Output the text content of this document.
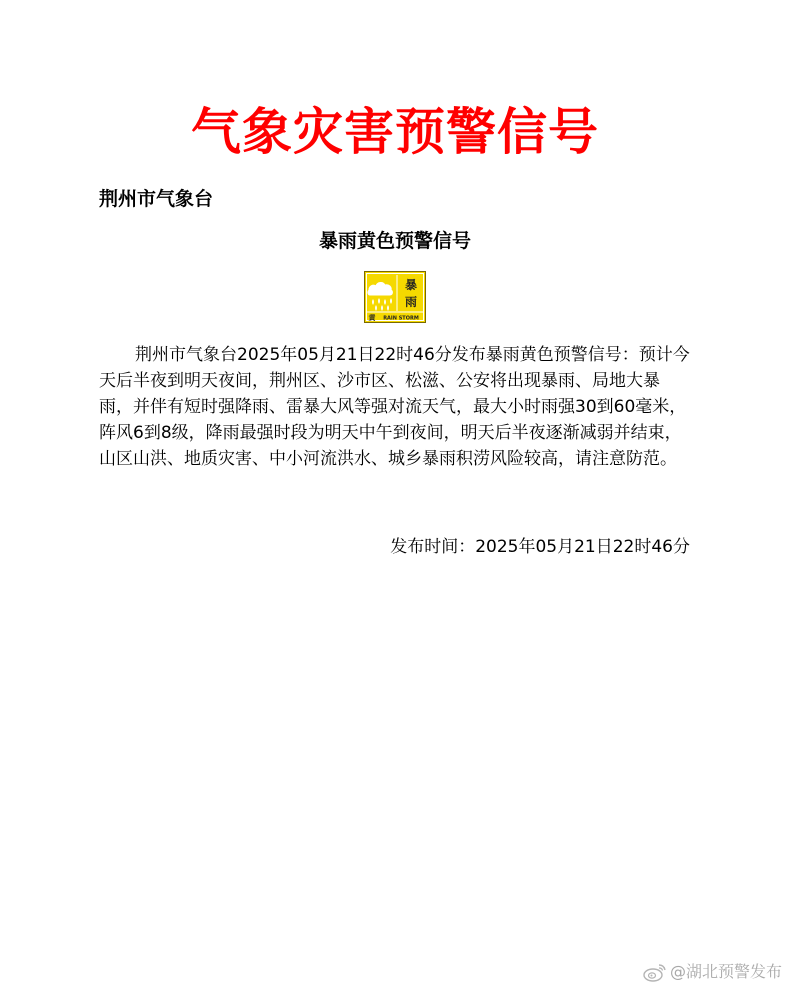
气象灾害预警信号
荆州市气象台
暴雨黄色预警信号
暴
雨
黄 RAIN STORM

荆州市气象台2025年05月21日22时46分发布暴雨黄色预警信号：预计今天后半夜到明天夜间，荆州区、沙市区、松滋、公安将出现暴雨、局地大暴雨，并伴有短时强降雨、雷暴大风等强对流天气，最大小时雨强30到60毫米，阵风6到8级，降雨最强时段为明天中午到夜间，明天后半夜逐渐减弱并结束，山区山洪、地质灾害、中小河流洪水、城乡暴雨积涝风险较高，请注意防范。

发布时间：2025年05月21日22时46分
@湖北预警发布
